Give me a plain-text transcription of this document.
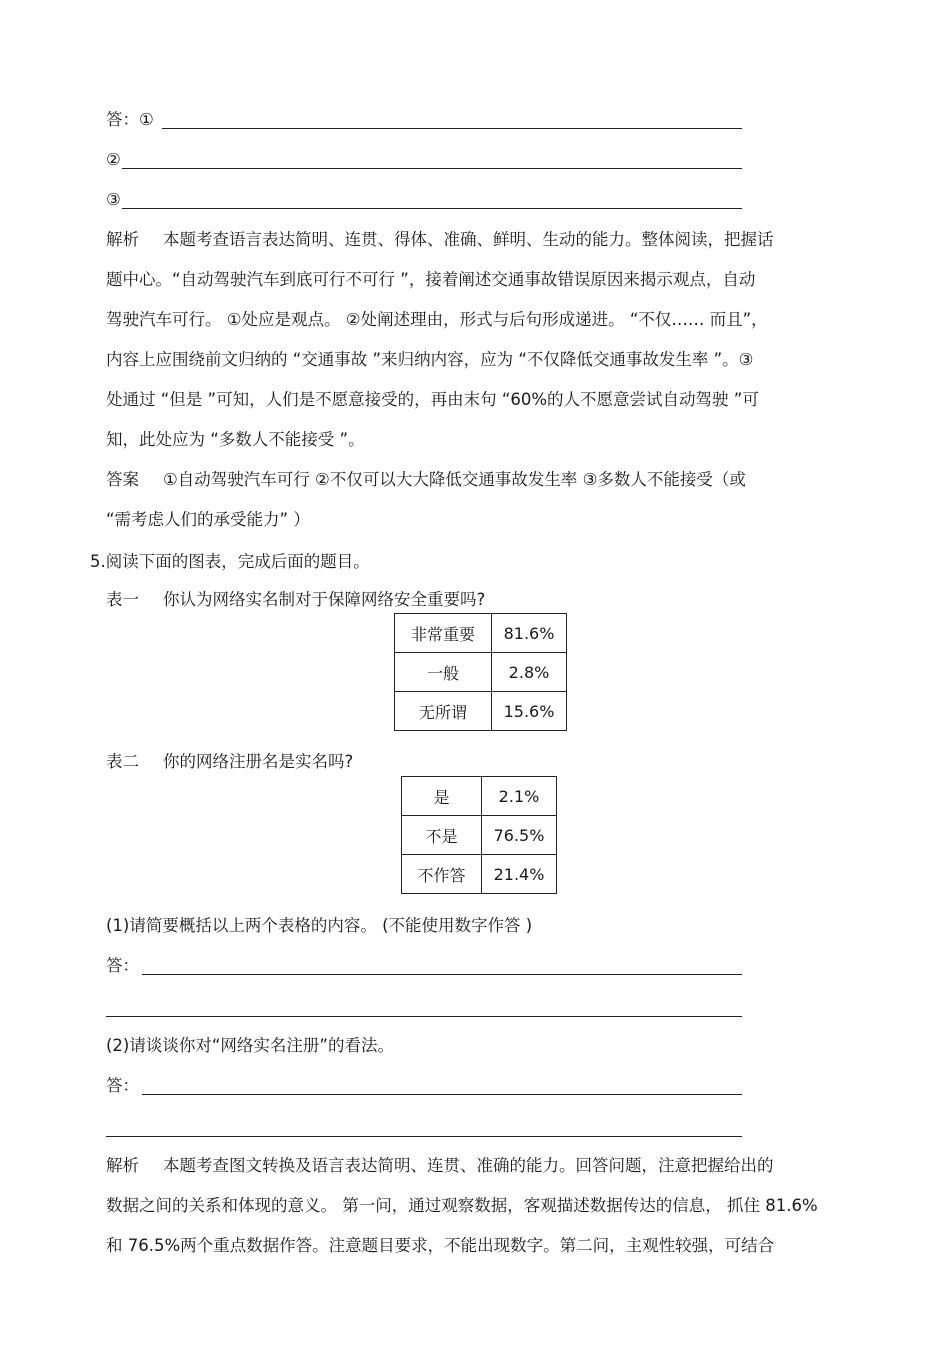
答：①
②
③
解析 本题考查语言表达简明、连贯、得体、准确、鲜明、生动的能力。整体阅读，把握话
题中心。“自动驾驶汽车到底可行不可行 ”，接着阐述交通事故错误原因来揭示观点，自动
驾驶汽车可行。 ①处应是观点。 ②处阐述理由，形式与后句形成递进。 “不仅…… 而且”，
内容上应围绕前文归纳的 “交通事故 ”来归纳内容，应为 “不仅降低交通事故发生率 ”。③
处通过 “但是 ”可知，人们是不愿意接受的，再由末句 “60%的人不愿意尝试自动驾驶 ”可
知，此处应为 “多数人不能接受 ”。
答案 ①自动驾驶汽车可行 ②不仅可以大大降低交通事故发生率 ③多数人不能接受（或
“需考虑人们的承受能力” ）
5.阅读下面的图表，完成后面的题目。
表一 你认为网络实名制对于保障网络安全重要吗?
非常重要	81.6%
一般	2.8%
无所谓	15.6%
表二 你的网络注册名是实名吗?
是	2.1%
不是	76.5%
不作答	21.4%
(1)请简要概括以上两个表格的内容。 (不能使用数字作答 )
答：
(2)请谈谈你对“网络实名注册”的看法。
答：
解析 本题考查图文转换及语言表达简明、连贯、准确的能力。回答问题，注意把握给出的
数据之间的关系和体现的意义。 第一问，通过观察数据，客观描述数据传达的信息， 抓住 81.6%
和 76.5%两个重点数据作答。注意题目要求，不能出现数字。第二问，主观性较强，可结合
